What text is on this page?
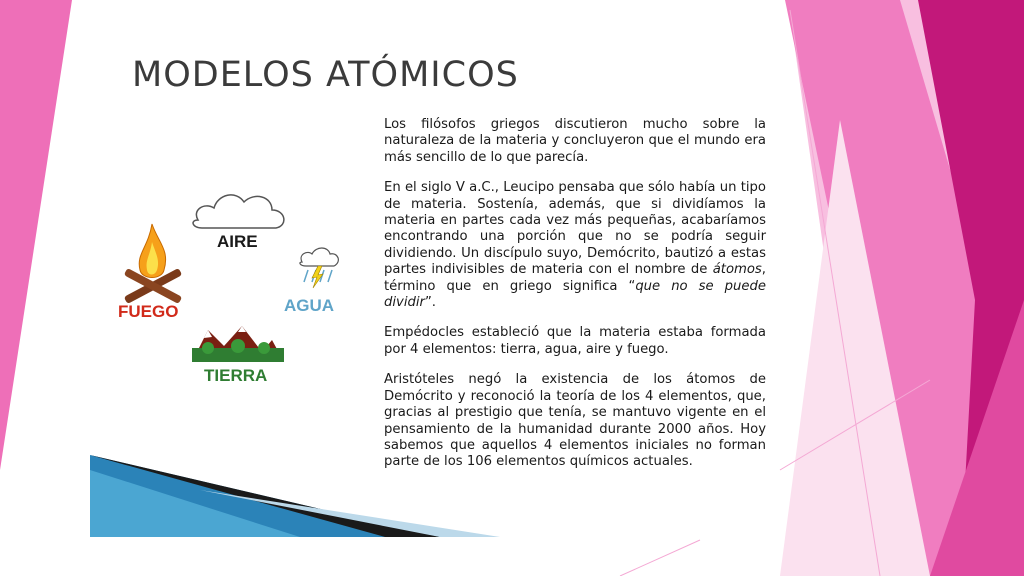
MODELOS ATÓMICOS
AIRE
FUEGO	AGUA
TIERRA

Los filósofos griegos discutieron mucho sobre la naturaleza de la materia y concluyeron que el mundo era más sencillo de lo que parecía.

En el siglo V a.C., Leucipo pensaba que sólo había un tipo de materia. Sostenía, además, que si dividíamos la materia en partes cada vez más pequeñas, acabaríamos encontrando una porción que no se podría seguir dividiendo. Un discípulo suyo, Demócrito, bautizó a estas partes indivisibles de materia con el nombre de átomos, término que en griego significa “que no se puede dividir”.

Empédocles estableció que la materia estaba formada por 4 elementos: tierra, agua, aire y fuego.

Aristóteles negó la existencia de los átomos de Demócrito y reconoció la teoría de los 4 elementos, que, gracias al prestigio que tenía, se mantuvo vigente en el pensamiento de la humanidad durante 2000 años. Hoy sabemos que aquellos 4 elementos iniciales no forman parte de los 106 elementos químicos actuales.
